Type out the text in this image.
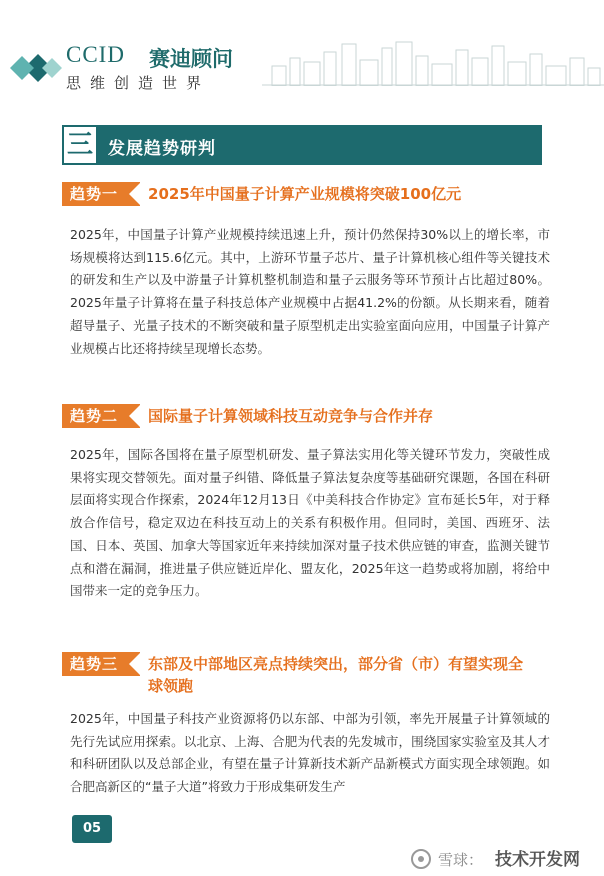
CCID 赛迪顾问
思维创造世界
三 发展趋势研判
趋势一	2025年中国量子计算产业规模将突破100亿元

2025年，中国量子计算产业规模持续迅速上升，预计仍然保持30%以上的增长率，市场规模将达到115.6亿元。其中，上游环节量子芯片、量子计算机核心组件等关键技术的研发和生产以及中游量子计算机整机制造和量子云服务等环节预计占比超过80%。2025年量子计算将在量子科技总体产业规模中占据41.2%的份额。从长期来看，随着超导量子、光量子技术的不断突破和量子原型机走出实验室面向应用，中国量子计算产业规模占比还将持续呈现增长态势。

趋势二	国际量子计算领域科技互动竞争与合作并存

2025年，国际各国将在量子原型机研发、量子算法实用化等关键环节发力，突破性成果将实现交替领先。面对量子纠错、降低量子算法复杂度等基础研究课题，各国在科研层面将实现合作探索，2024年12月13日《中美科技合作协定》宣布延长5年，对于释放合作信号，稳定双边在科技互动上的关系有积极作用。但同时，美国、西班牙、法国、日本、英国、加拿大等国家近年来持续加深对量子技术供应链的审查，监测关键节点和潜在漏洞，推进量子供应链近岸化、盟友化，2025年这一趋势或将加剧，将给中国带来一定的竞争压力。

趋势三	东部及中部地区亮点持续突出，部分省（市）有望实现全球领跑

2025年，中国量子科技产业资源将仍以东部、中部为引领，率先开展量子计算领域的先行先试应用探索。以北京、上海、合肥为代表的先发城市，围绕国家实验室及其人才和科研团队以及总部企业，有望在量子计算新技术新产品新模式方面实现全球领跑。如合肥高新区的“量子大道”将致力于形成集研发生产

05
雪球： 技术开发网
